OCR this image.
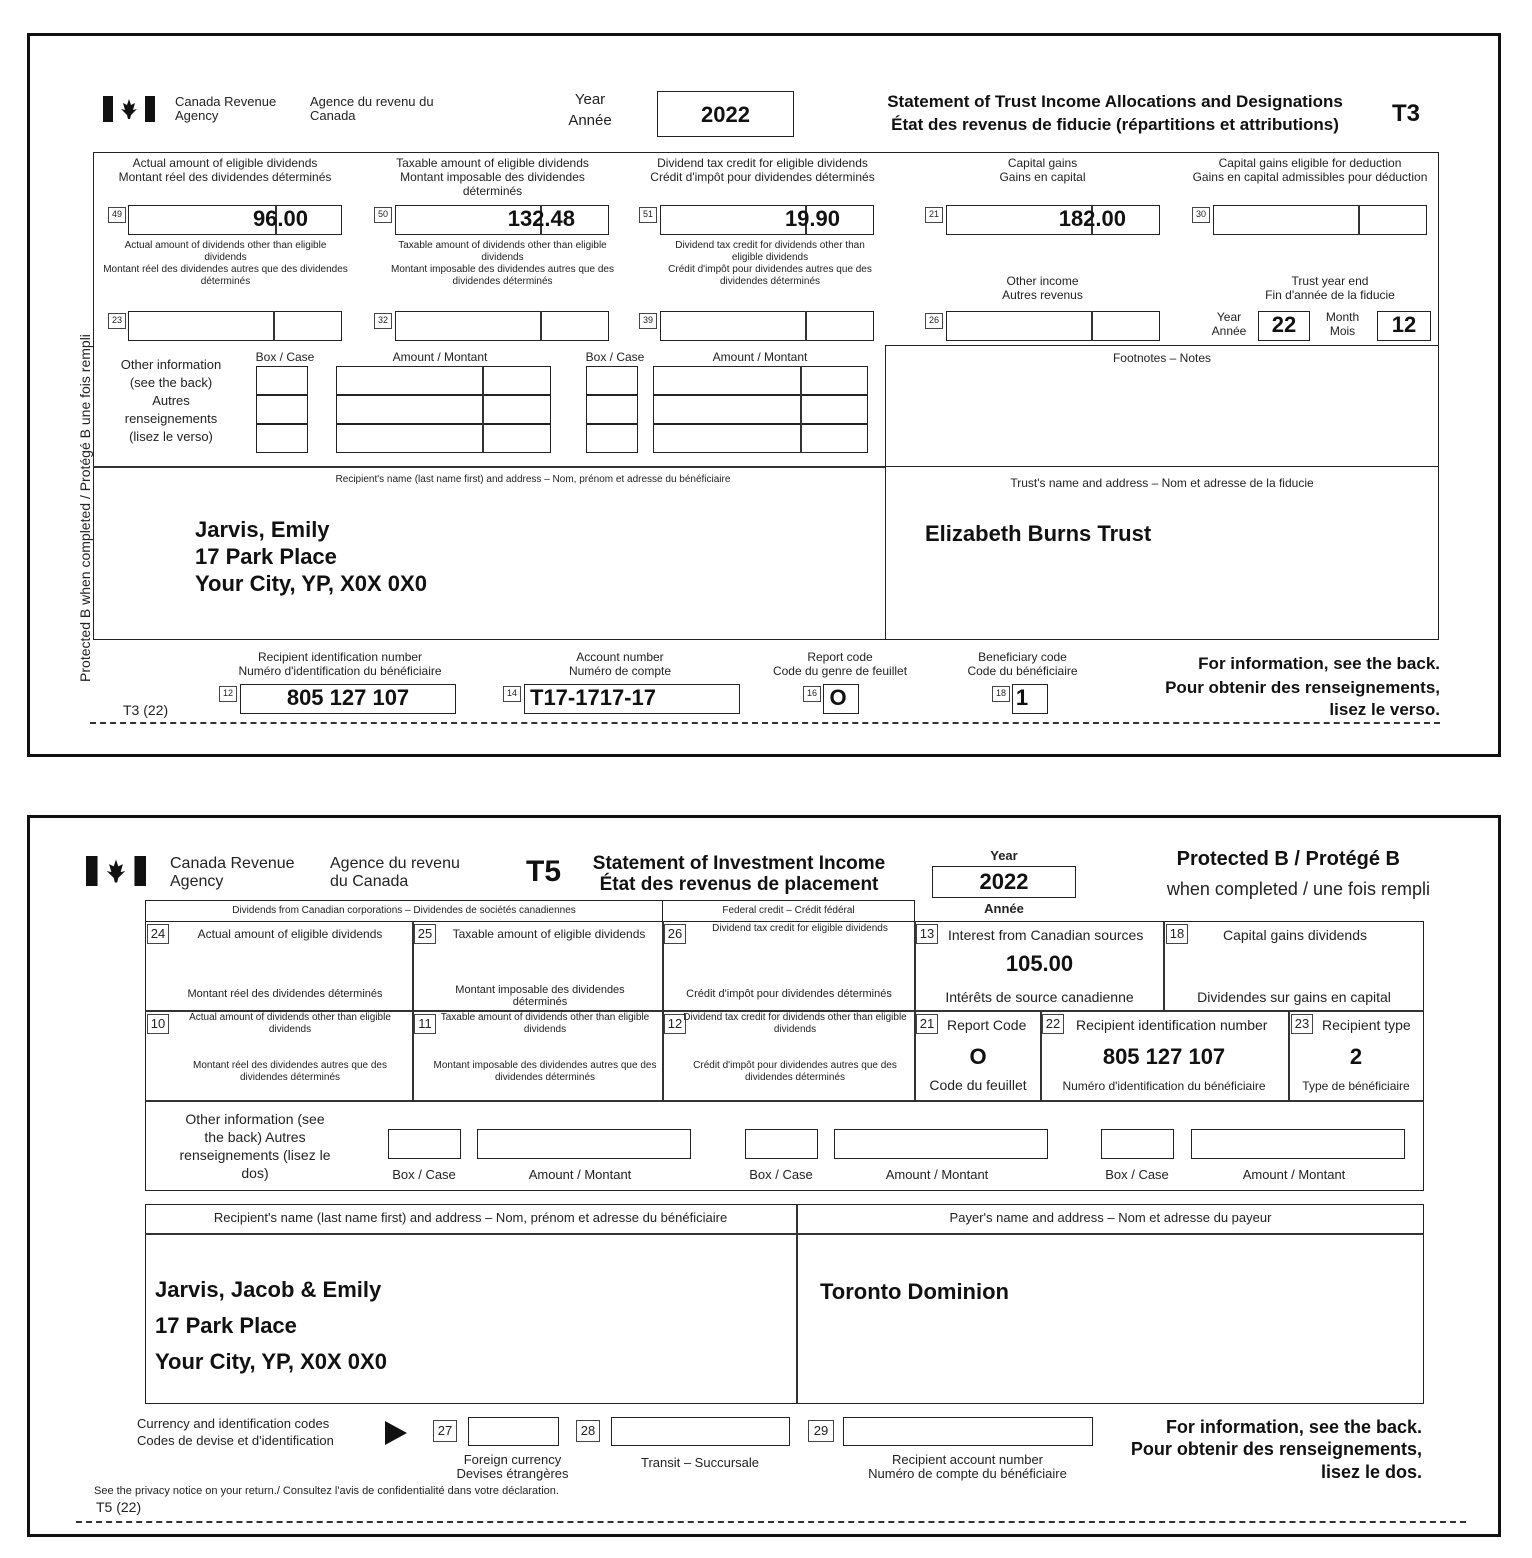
Canada Revenue Agency
Agence du revenu du Canada
Year
Année	2022
Statement of Trust Income Allocations and Designations
État des revenus de fiducie (répartitions et attributions)	T3
Protected B when completed / Protégé B une fois rempli
Actual amount of eligible dividends
Montant réel des dividendes déterminés
49	96.00
Taxable amount of eligible dividends
Montant imposable des dividendes déterminés
50	132.48
Dividend tax credit for eligible dividends
Crédit d'impôt pour dividendes déterminés
51	19.90
Capital gains
Gains en capital
21	182.00
Capital gains eligible for deduction
Gains en capital admissibles pour déduction
30
Actual amount of dividends other than eligible dividends
Montant réel des dividendes autres que des dividendes déterminés
23
Taxable amount of dividends other than eligible dividends
Montant imposable des dividendes autres que des dividendes déterminés
32
Dividend tax credit for dividends other than eligible dividends
Crédit d'impôt pour dividendes autres que des dividendes déterminés
39
Other income
Autres revenus
26
Trust year end
Fin d'année de la fiducie
Year
Année	22	Month
Mois	12
Other information (see the back) Autres renseignements (lisez le verso)
Box / Case	Amount / Montant	Box / Case	Amount / Montant	Footnotes – Notes
Trust's name and address – Nom et adresse de la fiducie
Elizabeth Burns Trust
Recipient's name (last name first) and address – Nom, prénom et adresse du bénéficiaire
Jarvis, Emily
17 Park Place
Your City, YP, X0X 0X0
Recipient identification number
Numéro d'identification du bénéficiaire
12	805 127 107
Account number
Numéro de compte
14 T17-1717-17
Report code
Code du genre de feuillet
16 O
Beneficiary code
Code du bénéficiaire
18 1
For information, see the back.
Pour obtenir des renseignements,
lisez le verso.
T3 (22)
Canada Revenue Agency
Agence du revenu du Canada	T5	Statement of Investment Income
État des revenus de placement
Year
2022
Année
Protected B / Protégé B
when completed / une fois rempli
Dividends from Canadian corporations – Dividendes de sociétés canadiennes	Federal credit – Crédit fédéral
24	Actual amount of eligible dividends
Montant réel des dividendes déterminés
25	Taxable amount of eligible dividends
Montant imposable des dividendes déterminés
26	Dividend tax credit for eligible dividends
Crédit d'impôt pour dividendes déterminés
13 Interest from Canadian sources
105.00
Intérêts de source canadienne
18	Capital gains dividends
Dividendes sur gains en capital
10	Actual amount of dividends other than eligible dividends

Montant réel des dividendes autres que des dividendes déterminés
11 Taxable amount of dividends other than eligible dividends

Montant imposable des dividendes autres que des dividendes déterminés
12 Dividend tax credit for dividends other than eligible dividends

Crédit d'impôt pour dividendes autres que des dividendes déterminés
21 Report Code
O
Code du feuillet
22 Recipient identification number
805 127 107
Numéro d'identification du bénéficiaire
23 Recipient type
2
Type de bénéficiaire
Other information (see the back) Autres renseignements (lisez le dos)	Box / Case	Amount / Montant	Box / Case	Amount / Montant	Box / Case	Amount / Montant
Recipient's name (last name first) and address – Nom, prénom et adresse du bénéficiaire	Payer's name and address – Nom et adresse du payeur
Jarvis, Jacob & Emily
17 Park Place
Your City, YP, X0X 0X0
Toronto Dominion
Currency and identification codes
Codes de devise et d'identification
27	28	29
Foreign currency
Devises étrangères
Transit – Succursale	Recipient account number
Numéro de compte du bénéficiaire
For information, see the back.
Pour obtenir des renseignements,
lisez le dos.
See the privacy notice on your return./ Consultez l'avis de confidentialité dans votre déclaration.
T5 (22)
